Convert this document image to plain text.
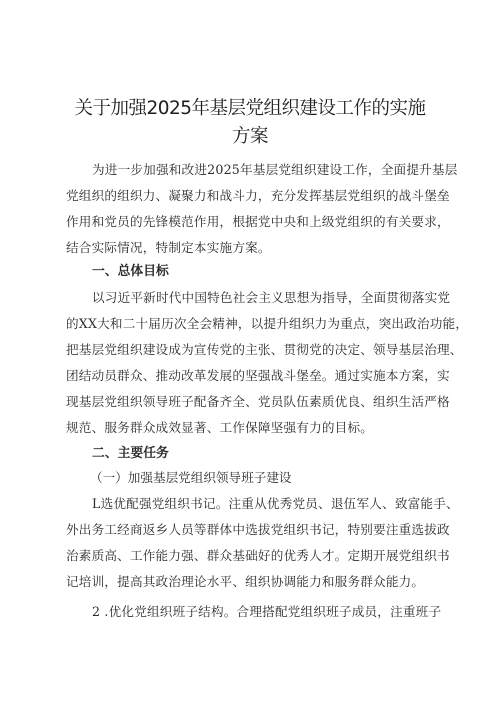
关于加强2025年基层党组织建设工作的实施
方案
为进一步加强和改进2025年基层党组织建设工作，全面提升基层
党组织的组织力、凝聚力和战斗力，充分发挥基层党组织的战斗堡垒
作用和党员的先锋模范作用，根据党中央和上级党组织的有关要求，
结合实际情况，特制定本实施方案。
一、总体目标
以习近平新时代中国特色社会主义思想为指导，全面贯彻落实党
的XX大和二十届历次全会精神，以提升组织力为重点，突出政治功能，
把基层党组织建设成为宣传党的主张、贯彻党的决定、领导基层治理、
团结动员群众、推动改革发展的坚强战斗堡垒。通过实施本方案，实
现基层党组织领导班子配备齐全、党员队伍素质优良、组织生活严格
规范、服务群众成效显著、工作保障坚强有力的目标。
二、主要任务
（一）加强基层党组织领导班子建设
L选优配强党组织书记。注重从优秀党员、退伍军人、致富能手、
外出务工经商返乡人员等群体中选拔党组织书记，特别要注重选拔政
治素质高、工作能力强、群众基础好的优秀人才。定期开展党组织书
记培训，提高其政治理论水平、组织协调能力和服务群众能力。
2 .优化党组织班子结构。合理搭配党组织班子成员，注重班子
